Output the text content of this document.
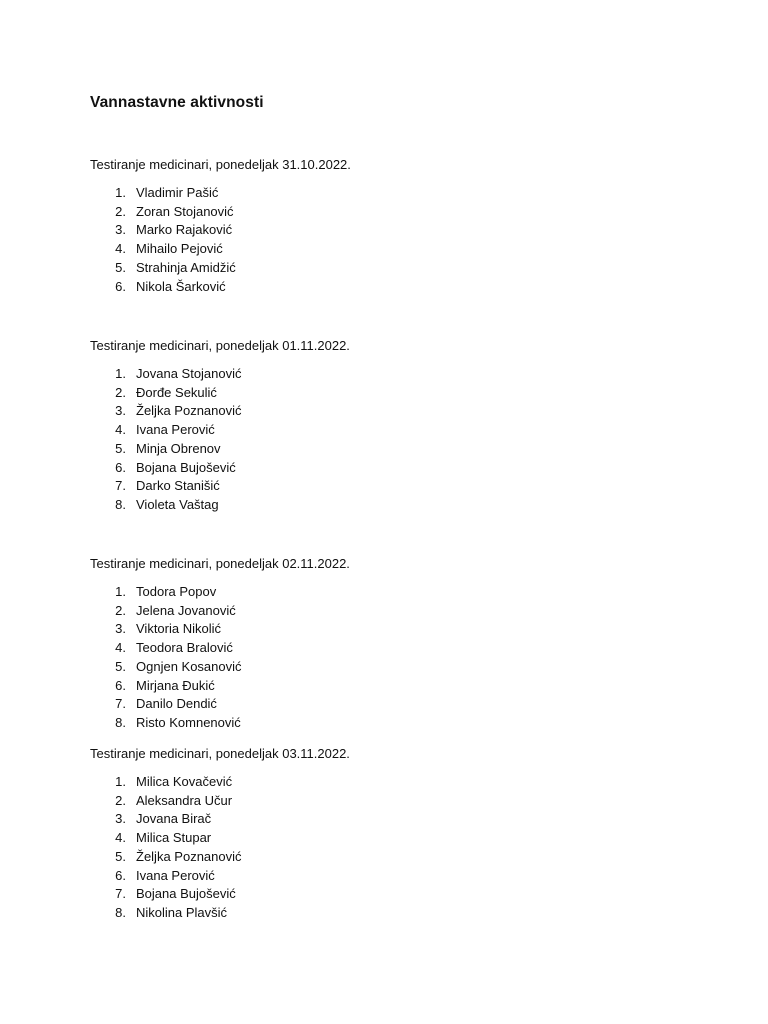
Vannastavne aktivnosti
Testiranje medicinari, ponedeljak 31.10.2022.
1. Vladimir Pašić
2. Zoran Stojanović
3. Marko Rajaković
4. Mihailo Pejović
5. Strahinja Amidžić
6. Nikola Šarković
Testiranje medicinari, ponedeljak 01.11.2022.
1. Jovana Stojanović
2. Đorđe Sekulić
3. Željka Poznanović
4. Ivana Perović
5. Minja Obrenov
6. Bojana Bujošević
7. Darko Stanišić
8. Violeta Vaštag
Testiranje medicinari, ponedeljak 02.11.2022.
1. Todora Popov
2. Jelena Jovanović
3. Viktoria Nikolić
4. Teodora Bralović
5. Ognjen Kosanović
6. Mirjana Đukić
7. Danilo Dendić
8. Risto Komnenović
Testiranje medicinari, ponedeljak 03.11.2022.
1. Milica Kovačević
2. Aleksandra Učur
3. Jovana Birač
4. Milica Stupar
5. Željka Poznanović
6. Ivana Perović
7. Bojana Bujošević
8. Nikolina Plavšić
